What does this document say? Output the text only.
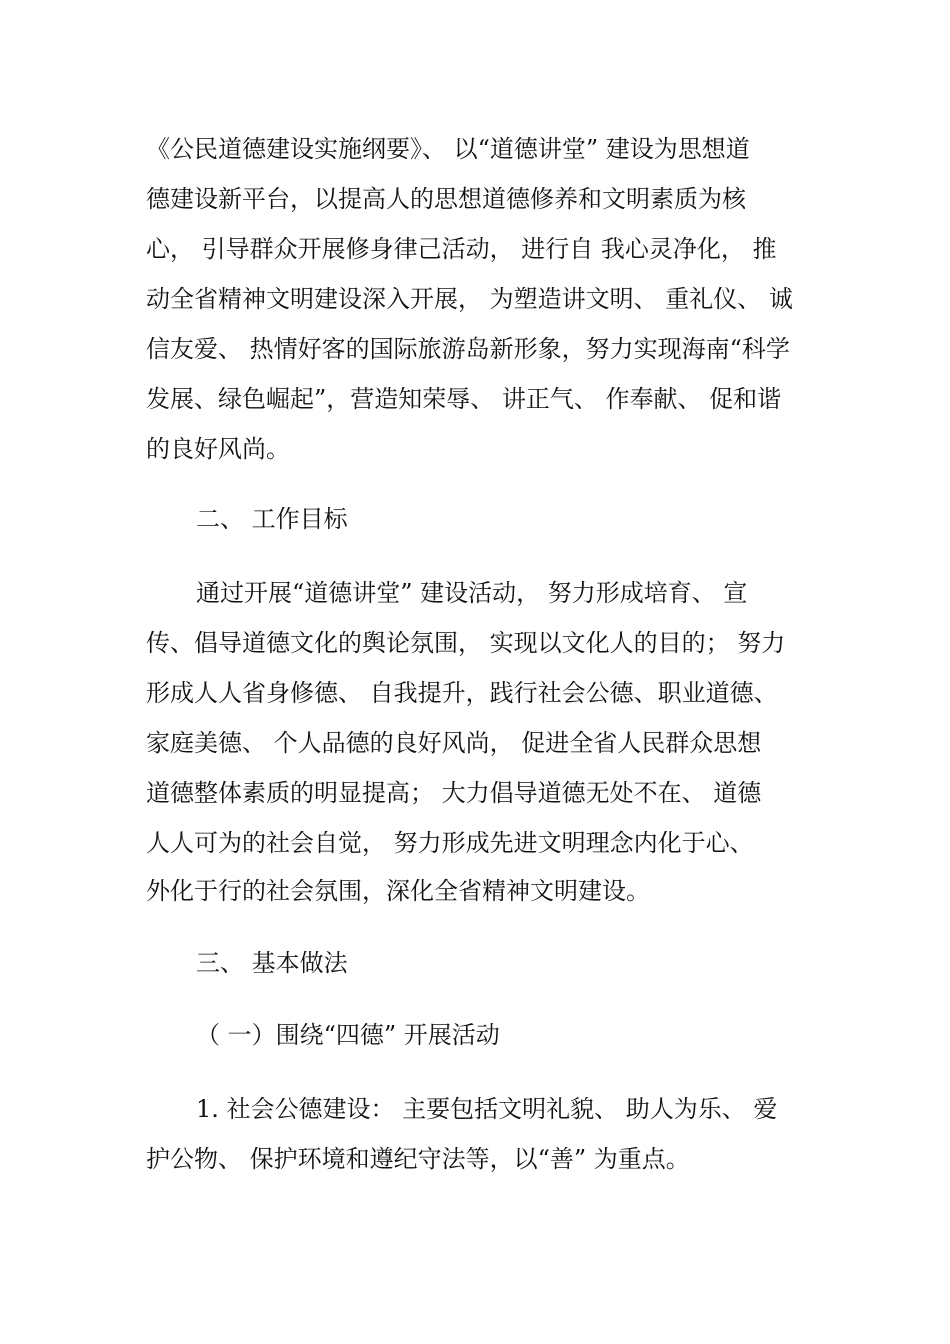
《公民道德建设实施纲要》、 以“道德讲堂” 建设为思想道
德建设新平台，以提高人的思想道德修养和文明素质为核
心， 引导群众开展修身律己活动， 进行自 我心灵净化， 推
动全省精神文明建设深入开展， 为塑造讲文明、 重礼仪、 诚
信友爱、 热情好客的国际旅游岛新形象，努力实现海南“科学
发展、绿色崛起”，营造知荣辱、 讲正气、 作奉献、 促和谐
的良好风尚。
二、 工作目标
通过开展“道德讲堂” 建设活动， 努力形成培育、 宣
传、倡导道德文化的舆论氛围， 实现以文化人的目的； 努力
形成人人省身修德、 自我提升，践行社会公德、职业道德、
家庭美德、 个人品德的良好风尚， 促进全省人民群众思想
道德整体素质的明显提高； 大力倡导道德无处不在、 道德
人人可为的社会自觉， 努力形成先进文明理念内化于心、
外化于行的社会氛围，深化全省精神文明建设。
三、 基本做法
（ 一）围绕“四德” 开展活动
1. 社会公德建设： 主要包括文明礼貌、 助人为乐、 爱
护公物、 保护环境和遵纪守法等，以“善” 为重点。
